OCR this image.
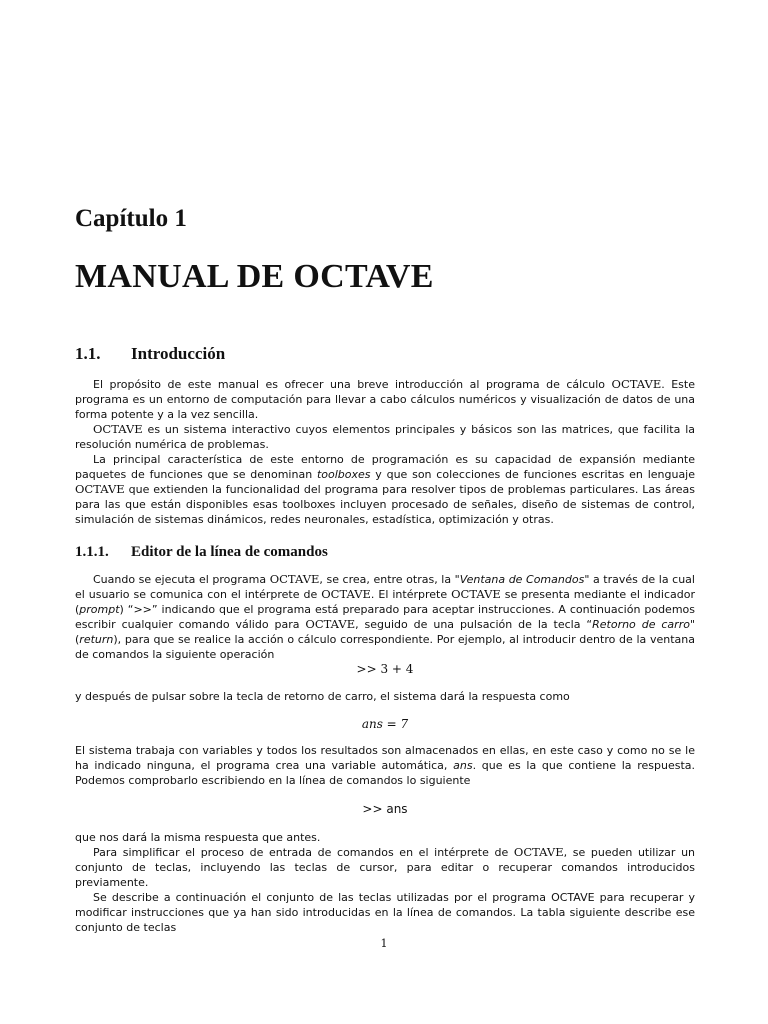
Capítulo 1
MANUAL DE OCTAVE
1.1. Introducción

El propósito de este manual es ofrecer una breve introducción al programa de cálculo OCTAVE. Este programa es un entorno de computación para llevar a cabo cálculos numéricos y visualización de datos de una forma potente y a la vez sencilla.

OCTAVE es un sistema interactivo cuyos elementos principales y básicos son las matrices, que facilita la resolución numérica de problemas.

La principal característica de este entorno de programación es su capacidad de expansión mediante paquetes de funciones que se denominan toolboxes y que son colecciones de funciones escritas en lenguaje OCTAVE que extienden la funcionalidad del programa para resolver tipos de problemas particulares. Las áreas para las que están disponibles esas toolboxes incluyen procesado de señales, diseño de sistemas de control, simulación de sistemas dinámicos, redes neuronales, estadística, optimización y otras.

1.1.1. Editor de la línea de comandos

Cuando se ejecuta el programa OCTAVE, se crea, entre otras, la "Ventana de Comandos" a través de la cual el usuario se comunica con el intérprete de OCTAVE. El intérprete OCTAVE se presenta mediante el indicador (prompt) “>>” indicando que el programa está preparado para aceptar instrucciones. A continuación podemos escribir cualquier comando válido para OCTAVE, seguido de una pulsación de la tecla “Retorno de carro"(return), para que se realice la acción o cálculo correspondiente. Por ejemplo, al introducir dentro de la ventana de comandos la siguiente operación

>> 3 + 4

y después de pulsar sobre la tecla de retorno de carro, el sistema dará la respuesta como

ans = 7

El sistema trabaja con variables y todos los resultados son almacenados en ellas, en este caso y como no se le ha indicado ninguna, el programa crea una variable automática, ans. que es la que contiene la respuesta. Podemos comprobarlo escribiendo en la línea de comandos lo siguiente

>> ans

que nos dará la misma respuesta que antes.

Para simplificar el proceso de entrada de comandos en el intérprete de OCTAVE, se pueden utilizar un conjunto de teclas, incluyendo las teclas de cursor, para editar o recuperar comandos introducidos previamente.

Se describe a continuación el conjunto de las teclas utilizadas por el programa OCTAVE para recuperar y modificar instrucciones que ya han sido introducidas en la línea de comandos. La tabla siguiente describe ese conjunto de teclas

1
